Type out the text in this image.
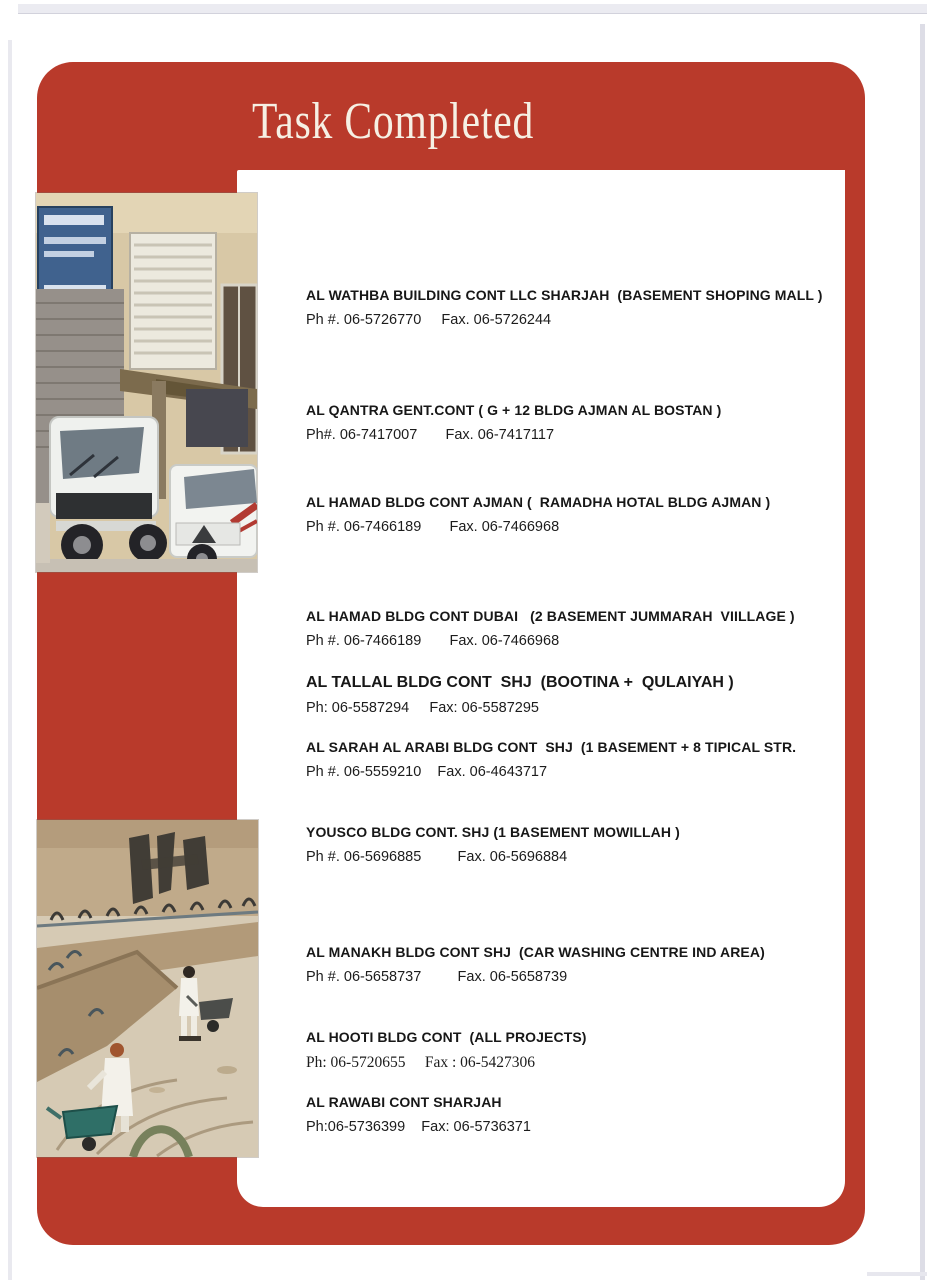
Task Completed
AL WATHBA BUILDING CONT LLC SHARJAH  (BASEMENT SHOPING MALL )
Ph #. 06-5726770     Fax. 06-5726244
AL QANTRA GENT.CONT ( G + 12 BLDG AJMAN AL BOSTAN )
Ph#. 06-7417007       Fax. 06-7417117
AL HAMAD BLDG CONT AJMAN (  RAMADHA HOTAL BLDG AJMAN )
Ph #. 06-7466189       Fax. 06-7466968
AL HAMAD BLDG CONT DUBAI   (2 BASEMENT JUMMARAH  VIILLAGE )
Ph #. 06-7466189       Fax. 06-7466968
AL TALLAL BLDG CONT  SHJ  (BOOTINA +  QULAIYAH )
Ph: 06-5587294     Fax: 06-5587295
AL SARAH AL ARABI BLDG CONT  SHJ  (1 BASEMENT + 8 TIPICAL STR.
Ph #. 06-5559210    Fax. 06-4643717
YOUSCO BLDG CONT. SHJ (1 BASEMENT MOWILLAH )
Ph #. 06-5696885         Fax. 06-5696884
AL MANAKH BLDG CONT SHJ  (CAR WASHING CENTRE IND AREA)
Ph #. 06-5658737         Fax. 06-5658739
AL HOOTI BLDG CONT  (ALL PROJECTS)
Ph: 06-5720655     Fax : 06-5427306
AL RAWABI CONT SHARJAH
Ph:06-5736399    Fax: 06-5736371
